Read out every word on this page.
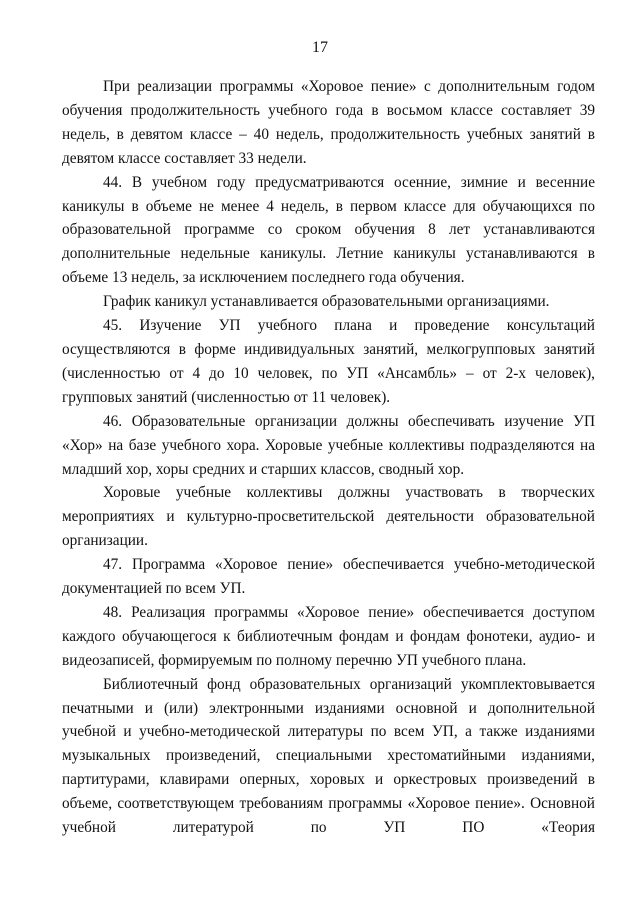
17

При реализации программы «Хоровое пение» с дополнительным годом обучения продолжительность учебного года в восьмом классе составляет 39 недель, в девятом классе – 40 недель, продолжительность учебных занятий в девятом классе составляет 33 недели.

44. В учебном году предусматриваются осенние, зимние и весенние каникулы в объеме не менее 4 недель, в первом классе для обучающихся по образовательной программе со сроком обучения 8 лет устанавливаются дополнительные недельные каникулы. Летние каникулы устанавливаются в объеме 13 недель, за исключением последнего года обучения.

График каникул устанавливается образовательными организациями.

45. Изучение УП учебного плана и проведение консультаций осуществляются в форме индивидуальных занятий, мелкогрупповых занятий (численностью от 4 до 10 человек, по УП «Ансамбль» – от 2-х человек), групповых занятий (численностью от 11 человек).

46. Образовательные организации должны обеспечивать изучение УП «Хор» на базе учебного хора. Хоровые учебные коллективы подразделяются на младший хор, хоры средних и старших классов, сводный хор.

Хоровые учебные коллективы должны участвовать в творческих мероприятиях и культурно-просветительской деятельности образовательной организации.

47. Программа «Хоровое пение» обеспечивается учебно-методической документацией по всем УП.

48. Реализация программы «Хоровое пение» обеспечивается доступом каждого обучающегося к библиотечным фондам и фондам фонотеки, аудио- и видеозаписей, формируемым по полному перечню УП учебного плана.

Библиотечный фонд образовательных организаций укомплектовывается печатными и (или) электронными изданиями основной и дополнительной учебной и учебно-методической литературы по всем УП, а также изданиями музыкальных произведений, специальными хрестоматийными изданиями, партитурами, клавирами оперных, хоровых и оркестровых произведений в объеме, соответствующем требованиям программы «Хоровое пение». Основной учебной литературой по УП ПО «Теория
